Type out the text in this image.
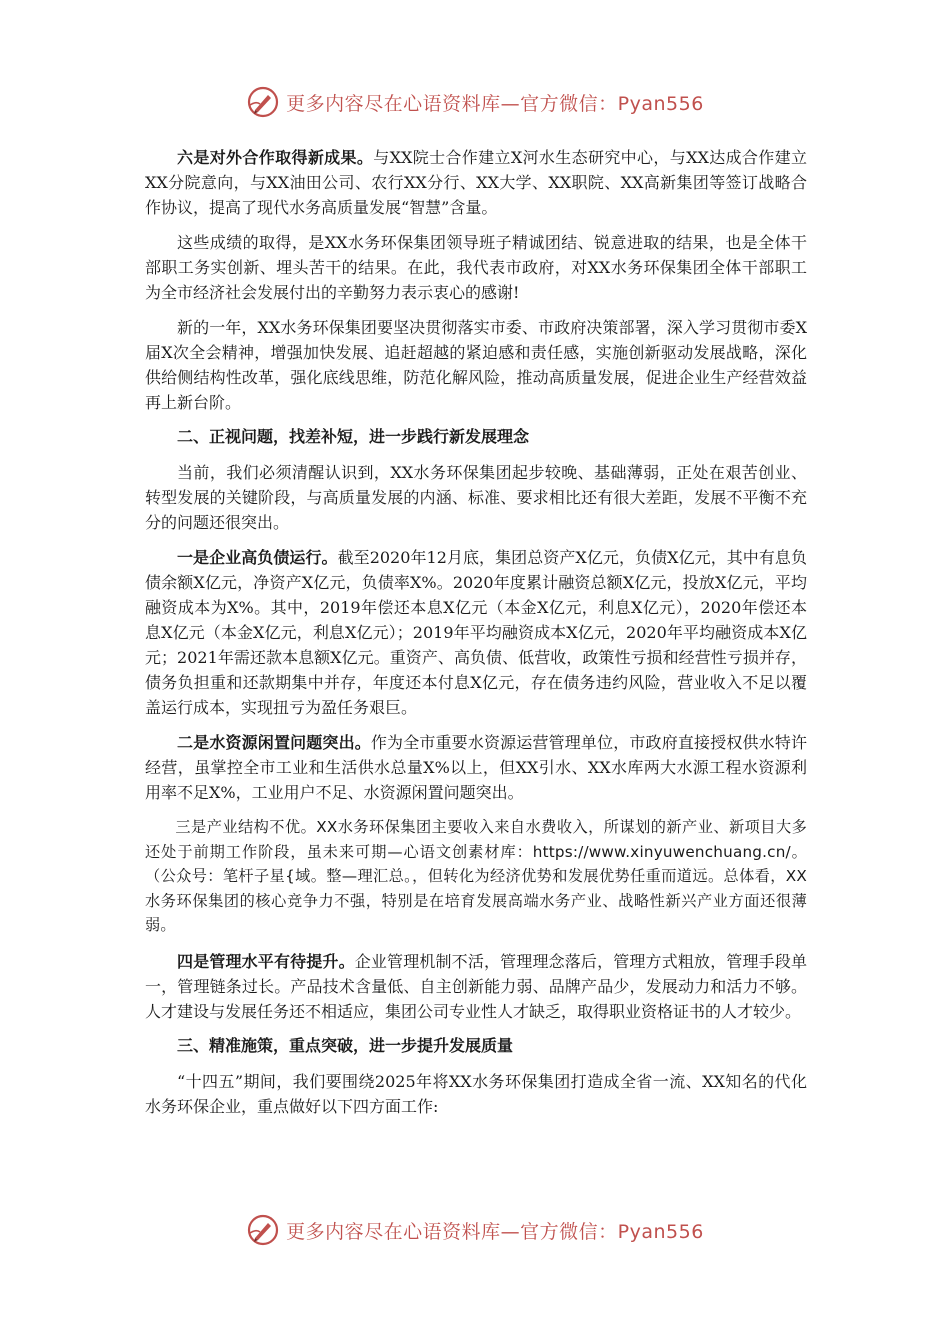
更多内容尽在心语资料库—官方微信：Pyan556

六是对外合作取得新成果。与XX院士合作建立X河水生态研究中心，与XX达成合作建立XX分院意向，与XX油田公司、农行XX分行、XX大学、XX职院、XX高新集团等签订战略合作协议，提高了现代水务高质量发展“智慧”含量。

这些成绩的取得，是XX水务环保集团领导班子精诚团结、锐意进取的结果，也是全体干部职工务实创新、埋头苦干的结果。在此，我代表市政府，对XX水务环保集团全体干部职工为全市经济社会发展付出的辛勤努力表示衷心的感谢!

新的一年，XX水务环保集团要坚决贯彻落实市委、市政府决策部署，深入学习贯彻市委X届X次全会精神，增强加快发展、追赶超越的紧迫感和责任感，实施创新驱动发展战略，深化供给侧结构性改革，强化底线思维，防范化解风险，推动高质量发展，促进企业生产经营效益再上新台阶。

二、正视问题，找差补短，进一步践行新发展理念

当前，我们必须清醒认识到，XX水务环保集团起步较晚、基础薄弱，正处在艰苦创业、转型发展的关键阶段，与高质量发展的内涵、标准、要求相比还有很大差距，发展不平衡不充分的问题还很突出。

一是企业高负债运行。截至2020年12月底，集团总资产X亿元，负债X亿元，其中有息负债余额X亿元，净资产X亿元，负债率X%。2020年度累计融资总额X亿元，投放X亿元，平均融资成本为X%。其中，2019年偿还本息X亿元（本金X亿元，利息X亿元），2020年偿还本息X亿元（本金X亿元，利息X亿元）；2019年平均融资成本X亿元，2020年平均融资成本X亿元；2021年需还款本息额X亿元。重资产、高负债、低营收，政策性亏损和经营性亏损并存，债务负担重和还款期集中并存，年度还本付息X亿元，存在债务违约风险，营业收入不足以覆盖运行成本，实现扭亏为盈任务艰巨。

二是水资源闲置问题突出。作为全市重要水资源运营管理单位，市政府直接授权供水特许经营，虽掌控全市工业和生活供水总量X%以上，但XX引水、XX水库两大水源工程水资源利用率不足X%，工业用户不足、水资源闲置问题突出。

三是产业结构不优。XX水务环保集团主要收入来自水费收入，所谋划的新产业、新项目大多还处于前期工作阶段，虽未来可期—心语文创素材库：https://www.xinyuwenchuang.cn/。（公众号：笔杆子星{域。整—理汇总。，但转化为经济优势和发展优势任重而道远。总体看，XX水务环保集团的核心竞争力不强，特别是在培育发展高端水务产业、战略性新兴产业方面还很薄弱。

四是管理水平有待提升。企业管理机制不活，管理理念落后，管理方式粗放，管理手段单一，管理链条过长。产品技术含量低、自主创新能力弱、品牌产品少，发展动力和活力不够。人才建设与发展任务还不相适应，集团公司专业性人才缺乏，取得职业资格证书的人才较少。

三、精准施策，重点突破，进一步提升发展质量

“十四五”期间，我们要围绕2025年将XX水务环保集团打造成全省一流、XX知名的代化水务环保企业，重点做好以下四方面工作:

更多内容尽在心语资料库—官方微信：Pyan556
